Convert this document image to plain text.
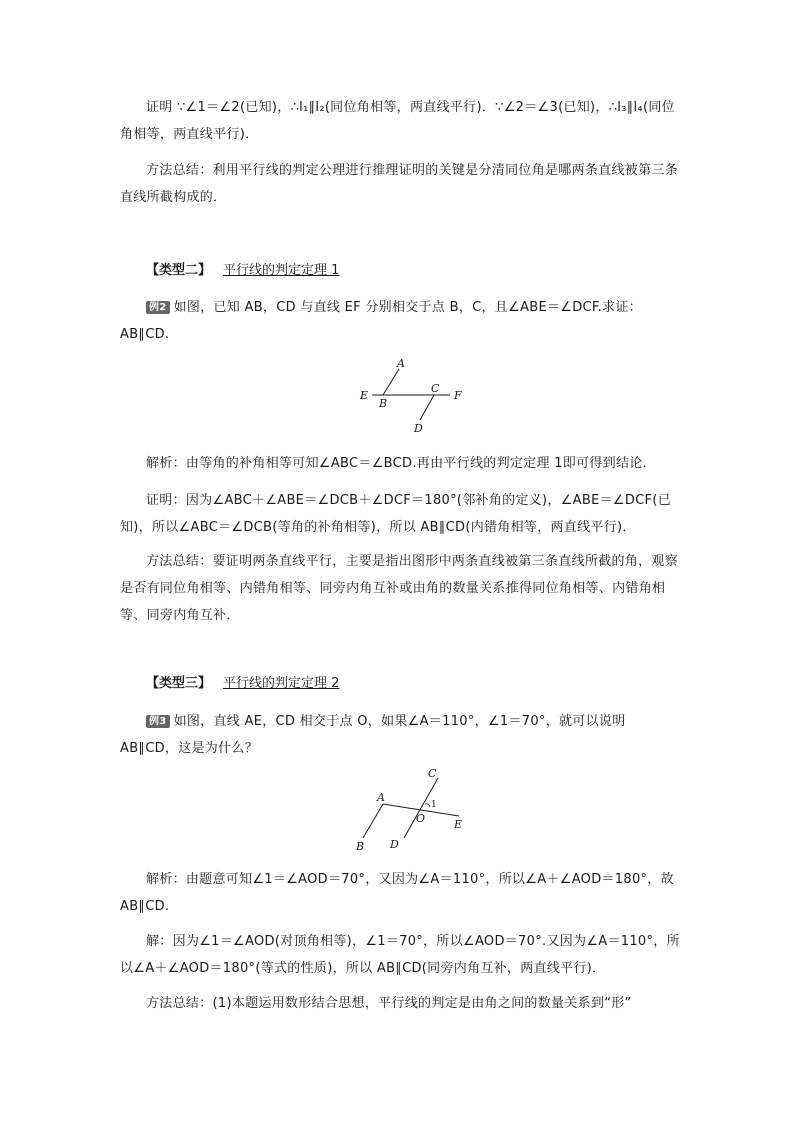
证明 ∵∠1＝∠2(已知)，∴l₁∥l₂(同位角相等，两直线平行)．∵∠2＝∠3(已知)，∴l₃∥l₄(同位角相等，两直线平行)．

方法总结：利用平行线的判定公理进行推理证明的关键是分清同位角是哪两条直线被第三条直线所截构成的．

【类型二】 平行线的判定定理 1

例2 如图，已知 AB，CD 与直线 EF 分别相交于点 B，C，且∠ABE＝∠DCF.求证：AB∥CD.

A
E
B
C
F
D

解析：由等角的补角相等可知∠ABC＝∠BCD.再由平行线的判定定理 1即可得到结论．

证明：因为∠ABC＋∠ABE＝∠DCB＋∠DCF＝180°(邻补角的定义)，∠ABE＝∠DCF(已知)，所以∠ABC＝∠DCB(等角的补角相等)，所以 AB∥CD(内错角相等，两直线平行)．

方法总结：要证明两条直线平行，主要是指出图形中两条直线被第三条直线所截的角，观察是否有同位角相等、内错角相等、同旁内角互补或由角的数量关系推得同位角相等、内错角相等、同旁内角互补．

【类型三】 平行线的判定定理 2

例3 如图，直线 AE，CD 相交于点 O，如果∠A＝110°，∠1＝70°，就可以说明AB∥CD，这是为什么？

C
A
1
O	E
D
B

解析：由题意可知∠1＝∠AOD＝70°，又因为∠A＝110°，所以∠A＋∠AOD＝180°，故 AB∥CD.

解：因为∠1＝∠AOD(对顶角相等)，∠1＝70°，所以∠AOD＝70°.又因为∠A＝110°，所以∠A＋∠AOD＝180°(等式的性质)，所以 AB∥CD(同旁内角互补，两直线平行)．

方法总结：(1)本题运用数形结合思想，平行线的判定是由角之间的数量关系到“形”
